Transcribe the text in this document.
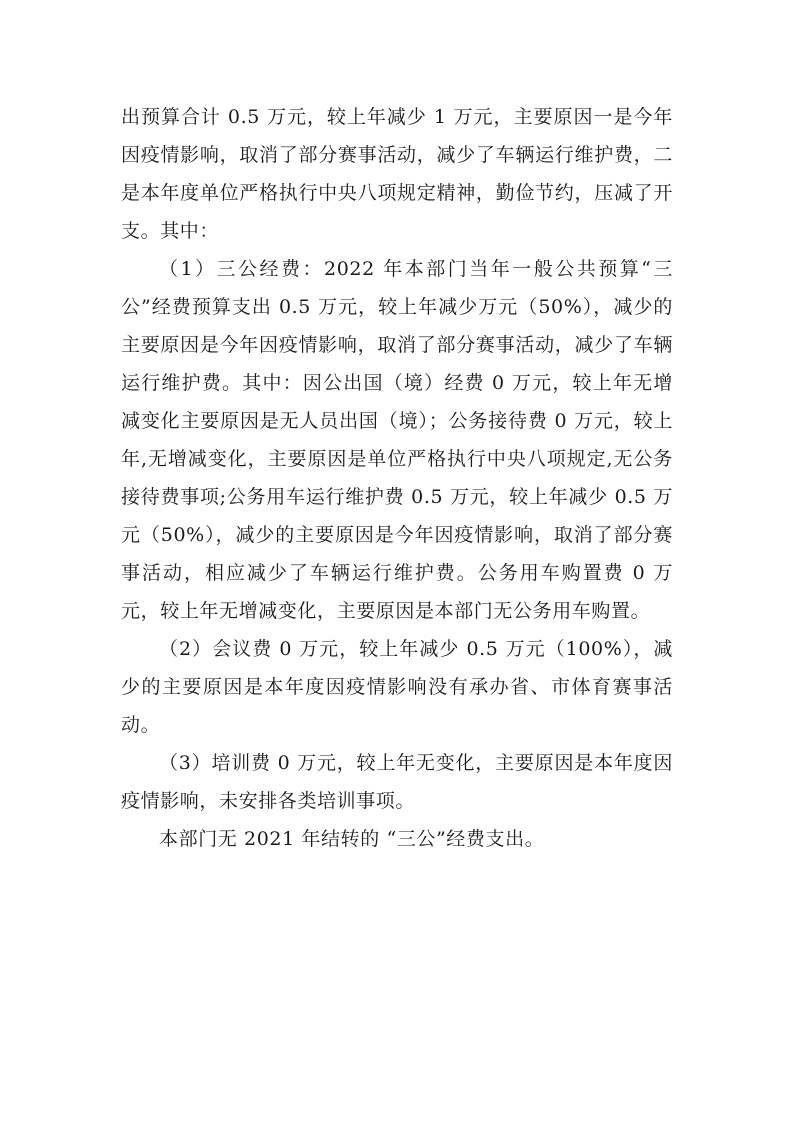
出预算合计 0.5 万元，较上年减少 1 万元，主要原因一是今年因疫情影响，取消了部分赛事活动，减少了车辆运行维护费，二是本年度单位严格执行中央八项规定精神，勤俭节约，压减了开支。其中：

（1）三公经费：2022 年本部门当年一般公共预算“三公”经费预算支出 0.5 万元，较上年减少万元（50%），减少的主要原因是今年因疫情影响，取消了部分赛事活动，减少了车辆运行维护费。其中：因公出国（境）经费 0 万元，较上年无增减变化主要原因是无人员出国（境）；公务接待费 0 万元，较上年,无增减变化，主要原因是单位严格执行中央八项规定,无公务接待费事项;公务用车运行维护费 0.5 万元，较上年减少 0.5 万元（50%），减少的主要原因是今年因疫情影响，取消了部分赛事活动，相应减少了车辆运行维护费。公务用车购置费 0 万元，较上年无增减变化，主要原因是本部门无公务用车购置。

（2）会议费 0 万元，较上年减少 0.5 万元（100%），减少的主要原因是本年度因疫情影响没有承办省、市体育赛事活动。

（3）培训费 0 万元，较上年无变化，主要原因是本年度因疫情影响，未安排各类培训事项。

本部门无 2021 年结转的 “三公”经费支出。
